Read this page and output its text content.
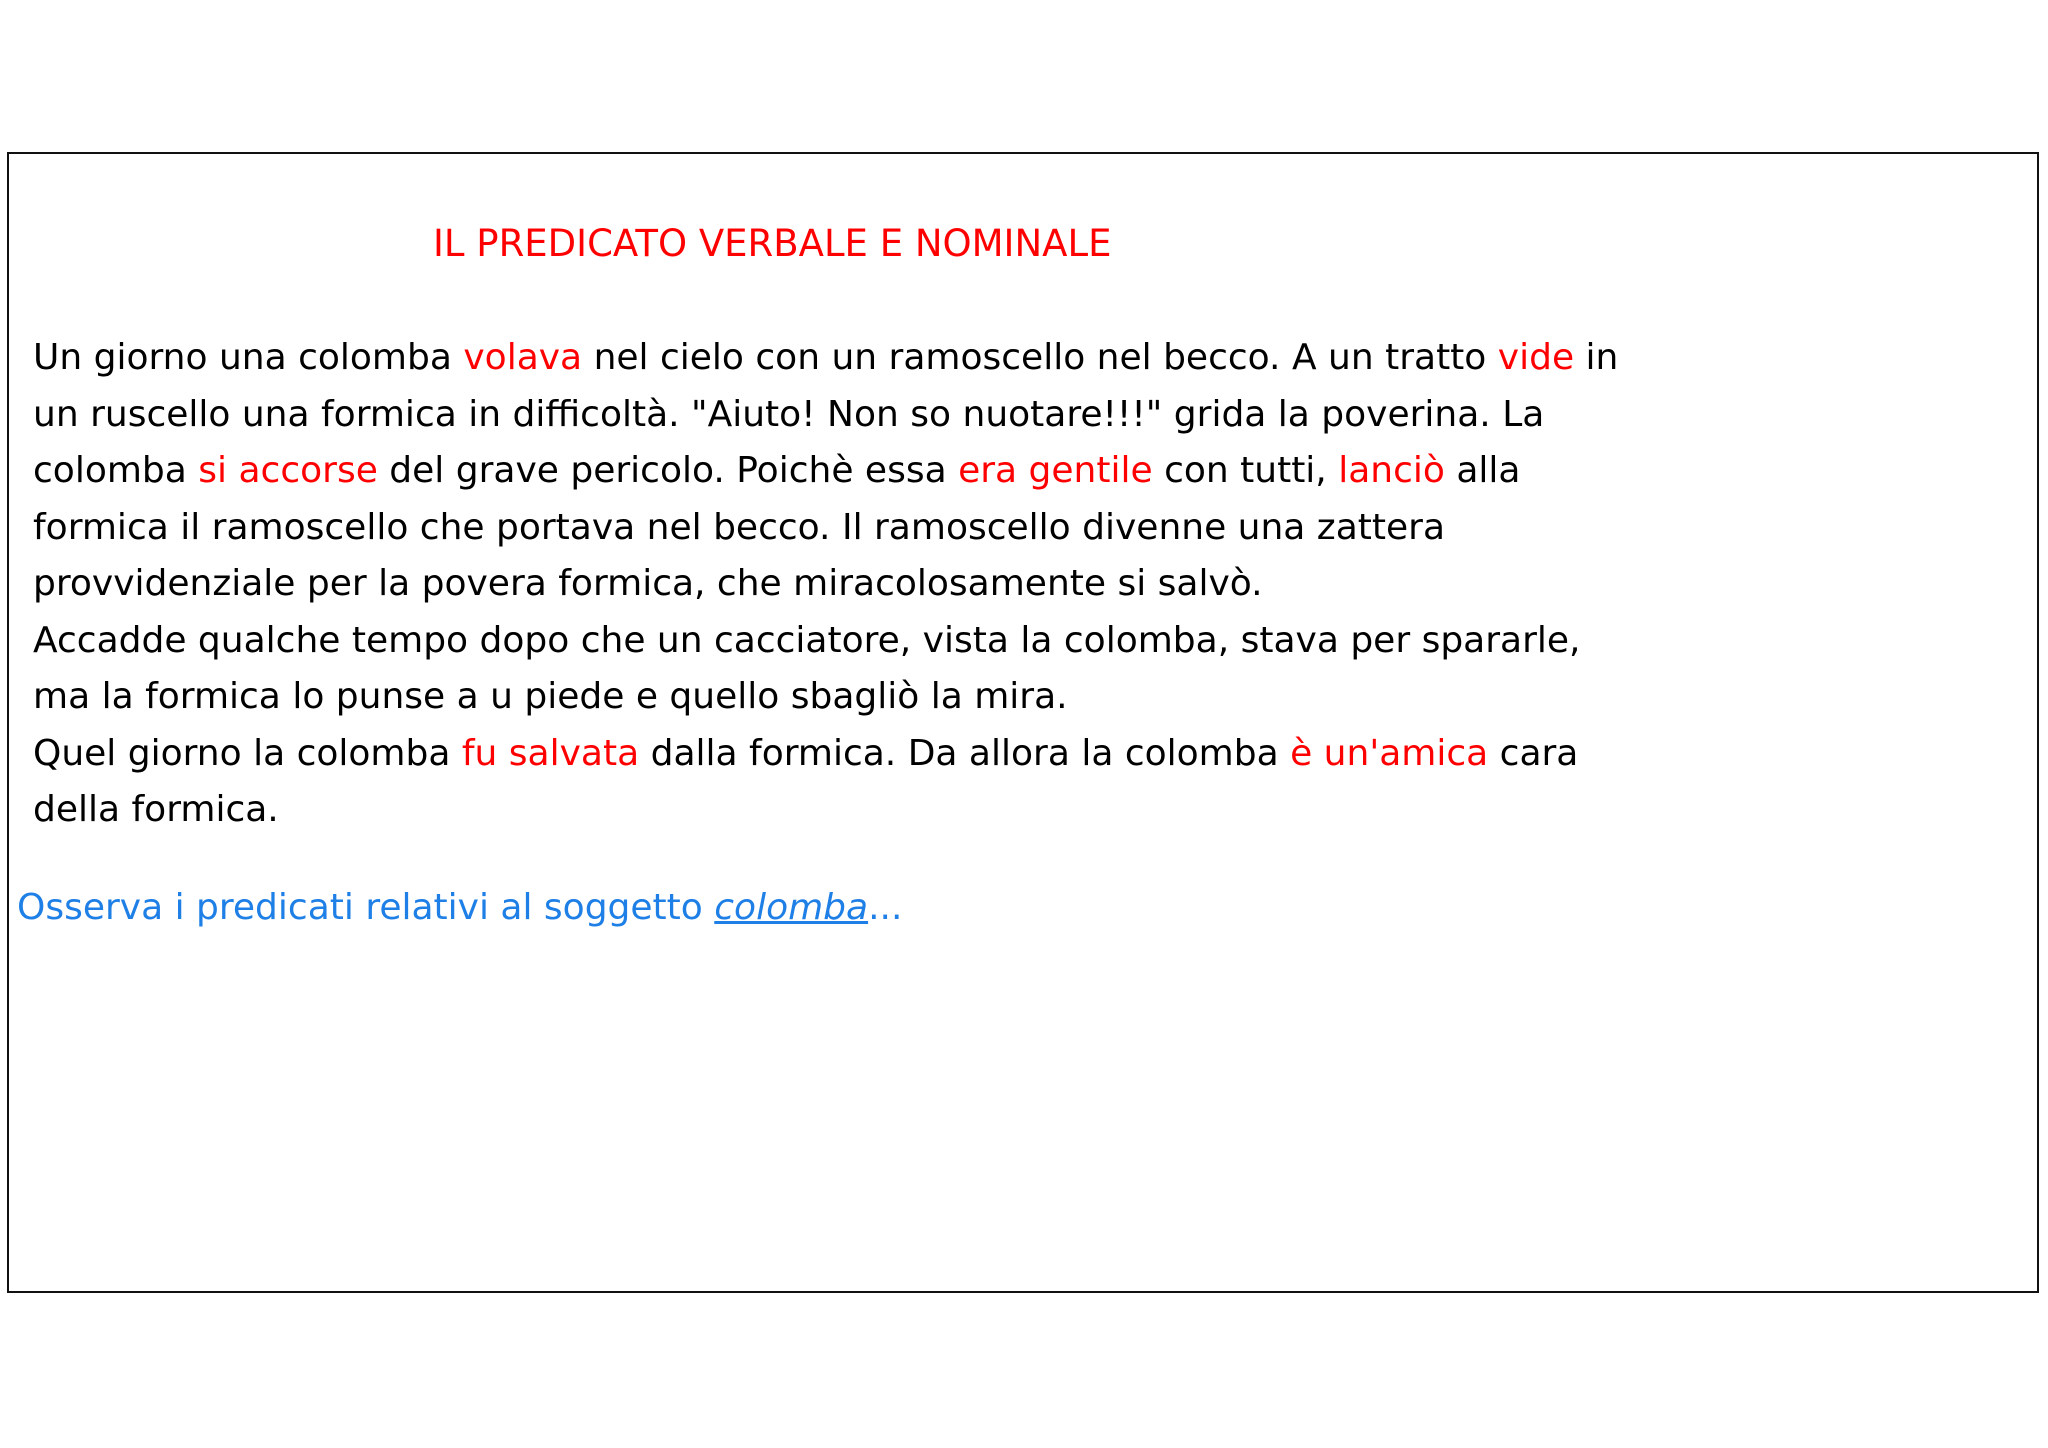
IL PREDICATO VERBALE E NOMINALE
Un giorno una colomba volava nel cielo con un ramoscello nel becco. A un tratto vide in
un ruscello una formica in difficoltà. "Aiuto! Non so nuotare!!!" grida la poverina. La
colomba si accorse del grave pericolo. Poichè essa era gentile con tutti, lanciò alla
formica il ramoscello che portava nel becco. Il ramoscello divenne una zattera
provvidenziale per la povera formica, che miracolosamente si salvò.
Accadde qualche tempo dopo che un cacciatore, vista la colomba, stava per spararle,
ma la formica lo punse a u piede e quello sbagliò la mira.
Quel giorno la colomba fu salvata dalla formica. Da allora la colomba è un'amica cara
della formica.
Osserva i predicati relativi al soggetto colomba...
